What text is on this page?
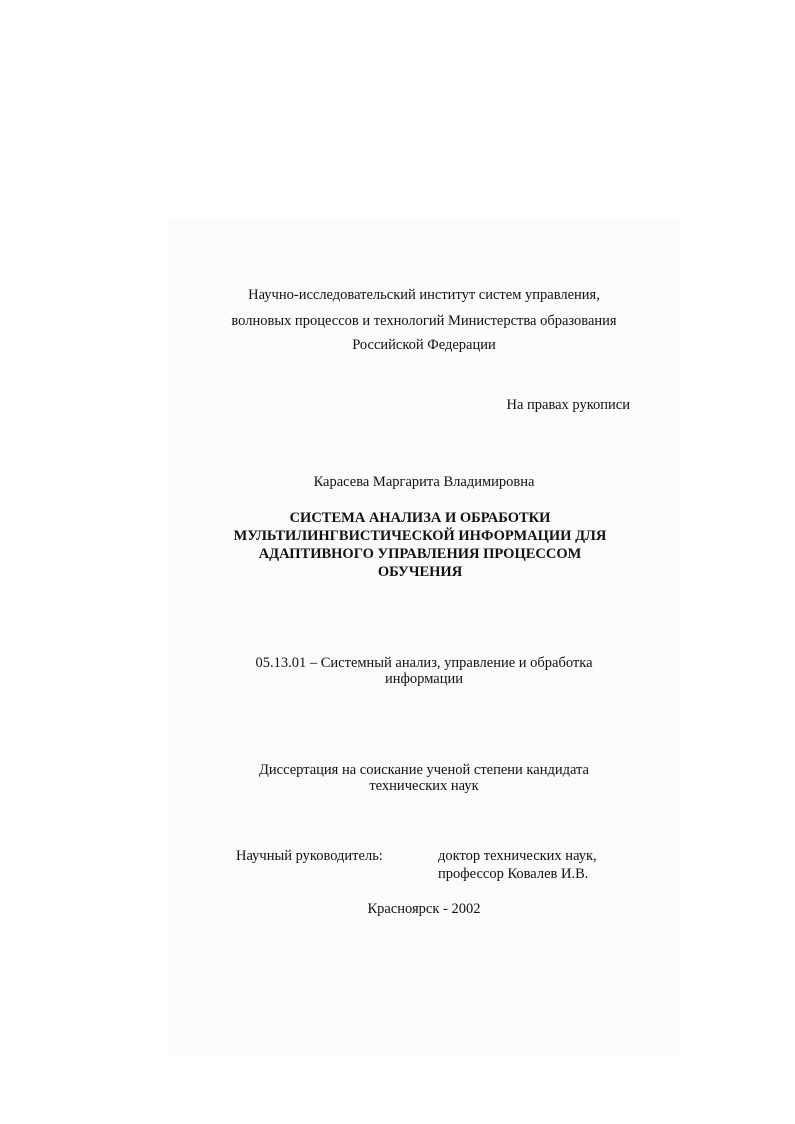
Научно-исследовательский институт систем управления,
волновых процессов и технологий Министерства образования
Российской Федерации
На правах рукописи
Карасева Маргарита Владимировна
СИСТЕМА АНАЛИЗА И ОБРАБОТКИ
МУЛЬТИЛИНГВИСТИЧЕСКОЙ ИНФОРМАЦИИ ДЛЯ
АДАПТИВНОГО УПРАВЛЕНИЯ ПРОЦЕССОМ
ОБУЧЕНИЯ
05.13.01 – Системный анализ, управление и обработка
информации
Диссертация на соискание ученой степени кандидата
технических наук
Научный руководитель:	доктор технических наук,
профессор Ковалев И.В.
Красноярск - 2002
